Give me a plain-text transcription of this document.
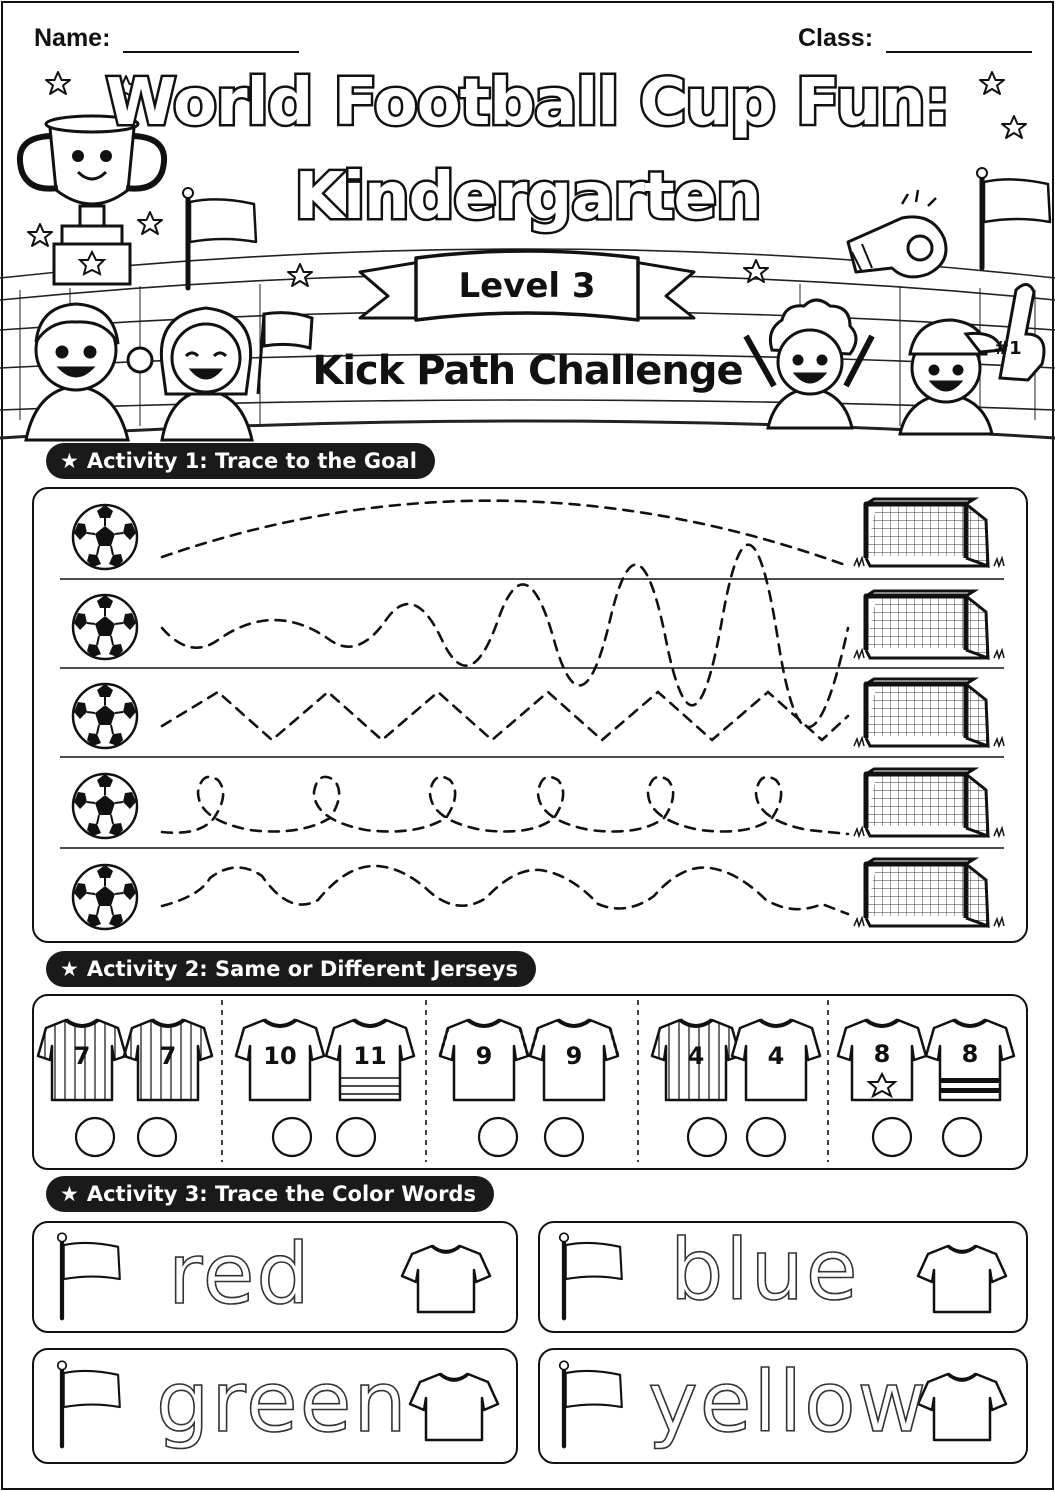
Name:	Class:
World Football Cup Fun:
Kindergarten
Level 3
Kick Path Challenge	#1
★ Activity 1: Trace to the Goal
★ Activity 2: Same or Different Jerseys
7	7	10 11	9	9	4	4	8	8
★ Activity 3: Trace the Color Words
red	blue
green	yellow
